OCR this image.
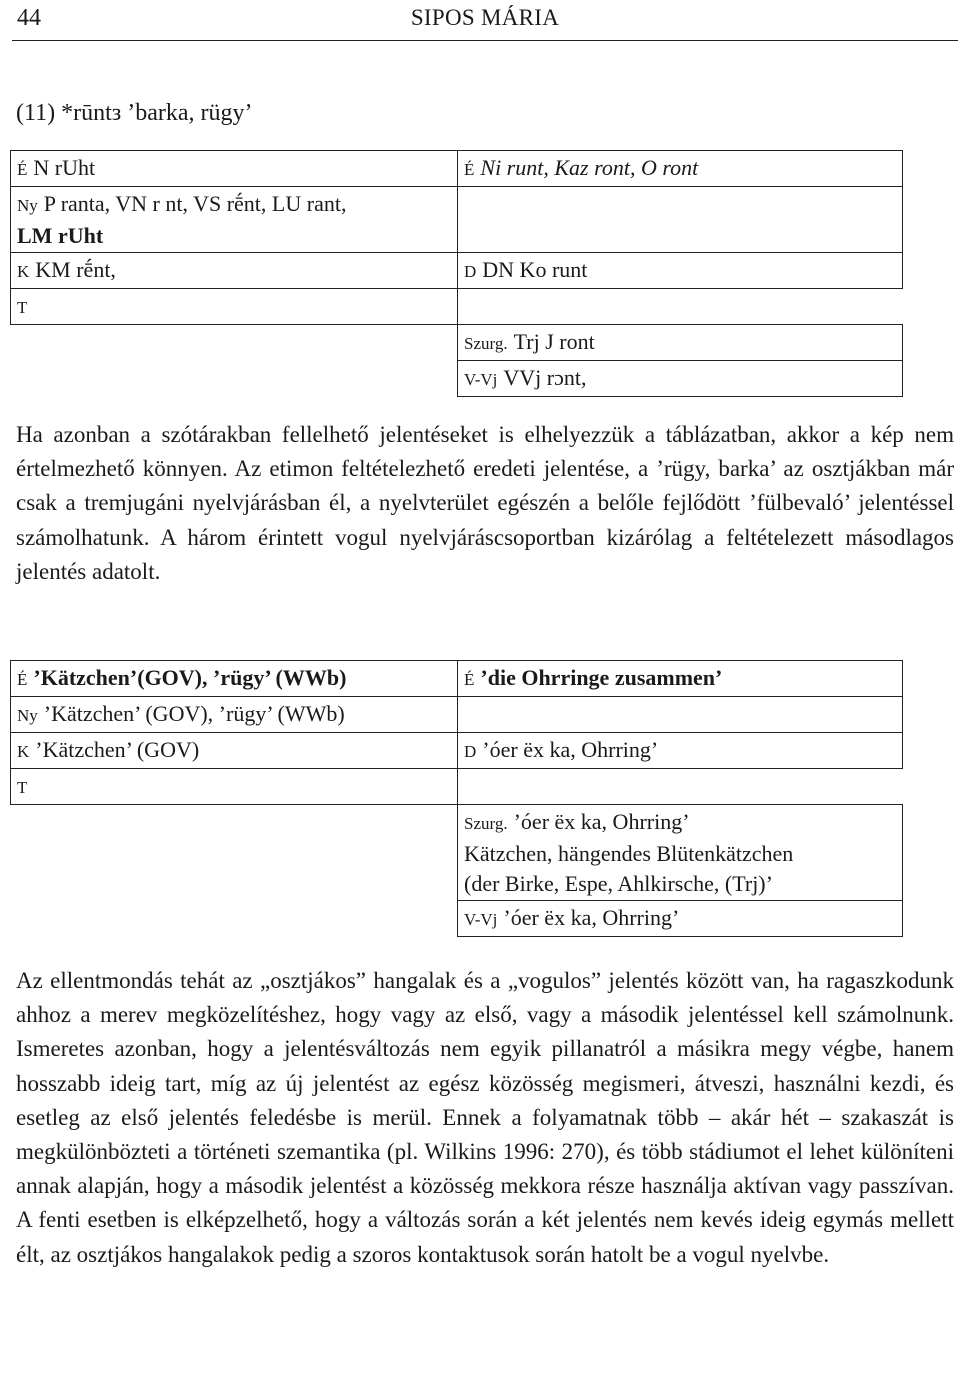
44	SIPOS MÁRIA
(11) *rūntз ’barka, rügy’
É N rUht	É Ni runt, Kaz ront, O ront
Ny P ranta, VN r nt, VS rḗnt, LU rant,
LM rUht	
K KM rḗnt,	D DN Ko runt
T	
	Szurg. Trj J ront
	V-Vj VVj rɔnt,
Ha azonban a szótárakban fellelhető jelentéseket is elhelyezzük a táblázatban, akkor a kép nem értelmezhető könnyen. Az etimon feltételezhető eredeti jelentése, a ’rügy, barka’ az osztjákban már csak a tremjugáni nyelvjárásban él, a nyelvterület egészén a belőle fejlődött ’fülbevaló’ jelentéssel számolhatunk. A három érintett vogul nyelvjáráscsoportban kizárólag a feltételezett másodlagos jelentés adatolt.
É ’Kätzchen’(GOV), ’rügy’ (WWb)	É ’die Ohrringe zusammen’
Ny ’Kätzchen’ (GOV), ’rügy’ (WWb)	
K ’Kätzchen’ (GOV)	D ’óer ëx ka, Ohrring’
T	
	Szurg. ’óer ëx ka, Ohrring’
Kätzchen, hängendes Blütenkätzchen
(der Birke, Espe, Ahlkirsche, (Trj)’
	V-Vj ’óer ëx ka, Ohrring’
Az ellentmondás tehát az „osztjákos” hangalak és a „vogulos” jelentés között van, ha ragaszkodunk ahhoz a merev megközelítéshez, hogy vagy az első, vagy a második jelentéssel kell számolnunk. Ismeretes azonban, hogy a jelentésváltozás nem egyik pillanatról a másikra megy végbe, hanem hosszabb ideig tart, míg az új jelentést az egész közösség megismeri, átveszi, használni kezdi, és esetleg az első jelentés feledésbe is merül. Ennek a folyamatnak több – akár hét – szakaszát is megkülönbözteti a történeti szemantika (pl. Wilkins 1996: 270), és több stádiumot el lehet különíteni annak alapján, hogy a második jelentést a közösség mekkora része használja aktívan vagy passzívan. A fenti esetben is elképzelhető, hogy a változás során a két jelentés nem kevés ideig egymás mellett élt, az osztjákos hangalakok pedig a szoros kontaktusok során hatolt be a vogul nyelvbe.
